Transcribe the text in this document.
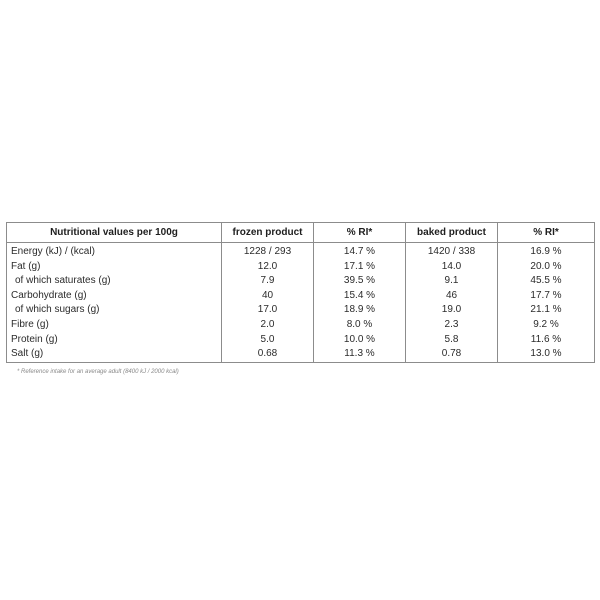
Nutritional values per 100g	frozen product	% RI*	baked product	% RI*
Energy (kJ) / (kcal)	1228 / 293	14.7 %	1420 / 338	16.9 %
Fat (g)	12.0	17.1 %	14.0	20.0 %
of which saturates (g)	7.9	39.5 %	9.1	45.5 %
Carbohydrate (g)	40	15.4 %	46	17.7 %
of which sugars (g)	17.0	18.9 %	19.0	21.1 %
Fibre (g)	2.0	8.0 %	2.3	9.2 %
Protein (g)	5.0	10.0 %	5.8	11.6 %
Salt (g)	0.68	11.3 %	0.78	13.0 %
* Reference intake for an average adult (8400 kJ / 2000 kcal)
